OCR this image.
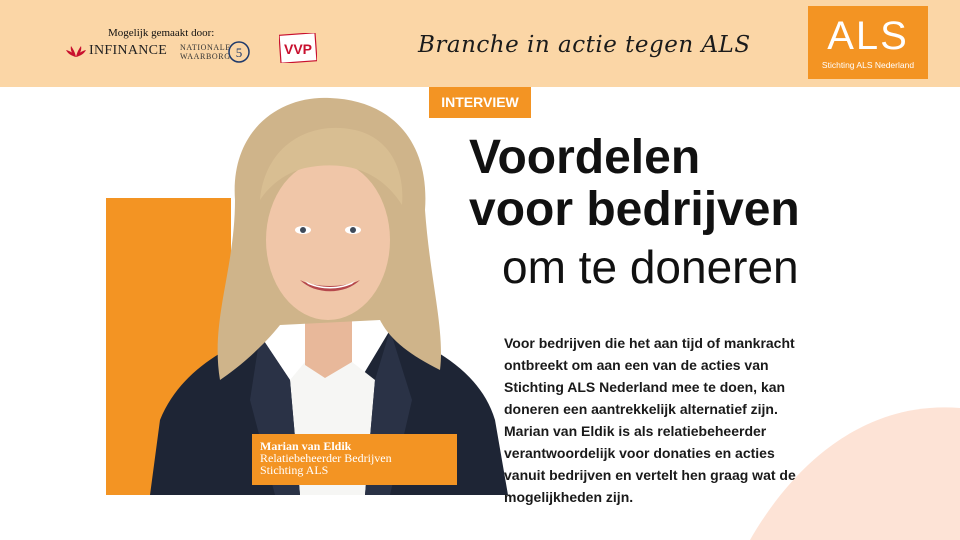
Mogelijk gemaakt door:
INFINANCE NATIONALE WAARBORG 5	VVP	Branche in actie tegen ALS	ALS
Stichting ALS Nederland
Marian van Eldik
Relatiebeheerder Bedrijven
Stichting ALS
INTERVIEW
Voordelen
voor bedrijven
om te doneren
Voor bedrijven die het aan tijd of mankracht ontbreekt om aan een van de acties van Stichting ALS Nederland mee te doen, kan doneren een aantrekkelijk alternatief zijn. Marian van Eldik is als relatiebeheerder verantwoordelijk voor donaties en acties vanuit bedrijven en vertelt hen graag wat de mogelijkheden zijn.
